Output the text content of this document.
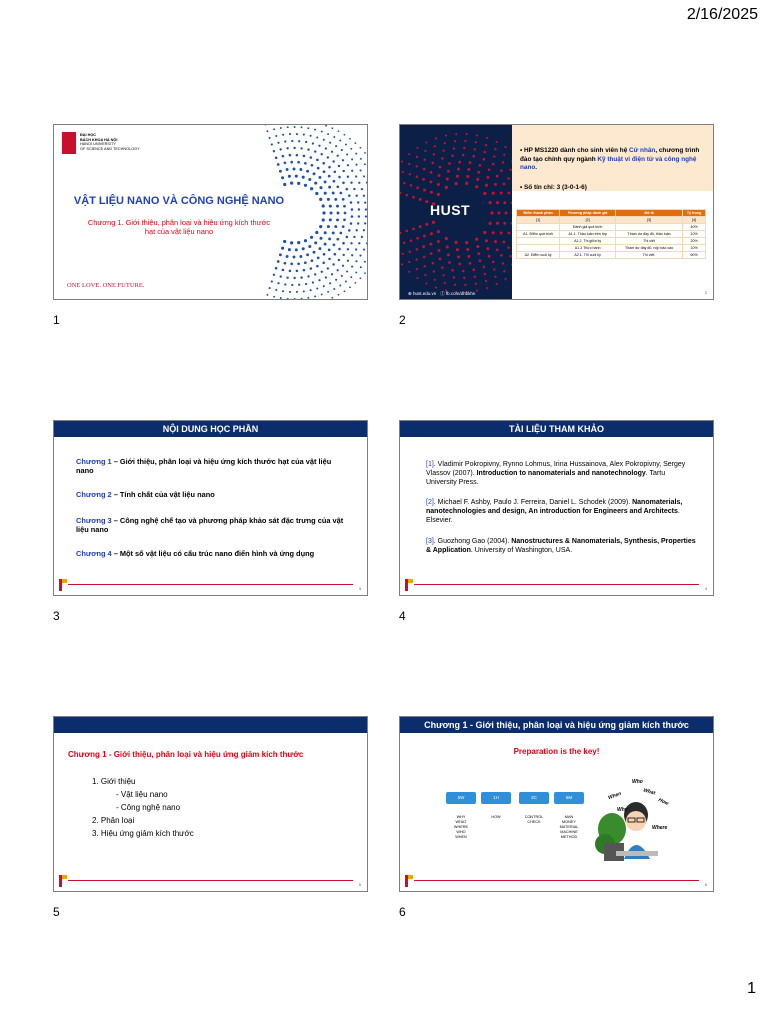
2/16/2025
ĐẠI HỌC
BÁCH KHOA HÀ NỘI
HANOI UNIVERSITY
OF SCIENCE AND TECHNOLOGY
VẬT LIỆU NANO VÀ CÔNG NGHỆ NANO
Chương 1. Giới thiệu, phân loại và hiệu ứng kích thước
hạt của vật liệu nano
ONE LOVE. ONE FUTURE.
1
HUST
⊕ hust.edu.vn ⓕ fb.com/dhbkhn
• HP MS1220 dành cho sinh viên hệ Cử nhân, chương trình đào tạo chính quy ngành Kỹ thuật vi điện tử và công nghệ nano.
• Số tín chỉ: 3 (3-0-1-6)
Điểm thành phần	Phương pháp đánh giá	Mô tả	Tỷ trọng
[1]	[2]	[3]	[4]
	Đánh giá quá trình		40%
A1. Điểm quá trình	A1.1. Thảo luận trên lớp	Tham dự đầy đủ, thảo luận	10%
	A1.2. Thi giữa kỳ	Thi viết	20%
	A1.3 Thực hành	Tham dự đầy đủ, nộp báo cáo	10%
A2. Điểm cuối kỳ	A2.1. Thi cuối kỳ	Thi viết.	60%
2
2
NỘI DUNG HỌC PHẦN
Chương 1 – Giới thiệu, phân loại và hiệu ứng kích thước hạt của vật liệu nano
Chương 2 – Tính chất của vật liệu nano
Chương 3 – Công nghệ chế tạo và phương pháp khảo sát đặc trưng của vật liệu nano
Chương 4 – Một số vật liệu có cấu trúc nano điển hình và ứng dụng
3
3
TÀI LIỆU THAM KHẢO
[1]. Vladimir Pokropivny, Rynno Lohmus, Irina Hussainova, Alex Pokropivny, Sergey Vlassov (2007). Introduction to nanomaterials and nanotechnology. Tartu University Press.
[2]. Michael F. Ashby, Paulo J. Ferreira, Daniel L. Schodek (2009). Nanomaterials, nanotechnologies and design, An introduction for Engineers and Architects. Elsevier.
[3]. Guozhong Gao (2004). Nanostructures & Nanomaterials, Synthesis, Properties & Application. University of Washington, USA.
4
4
Chương 1 - Giới thiệu, phân loại và hiệu ứng giảm kích thước
1. Giới thiệu
- Vật liệu nano
- Công nghệ nano
2. Phân loại
3. Hiệu ứng giảm kích thước
5
5
Chương 1 - Giới thiệu, phân loại và hiệu ứng giảm kích thước
Preparation is the key!
5W	1H	2C	5M
WHY
WHAT
WHERE
WHO
WHEN
HOW	CONTROL
CHECK
MAN
MONEY
MATERIAL
MACHINE
METHOD
Who
When
Why
What
How
Where
6
6
1
